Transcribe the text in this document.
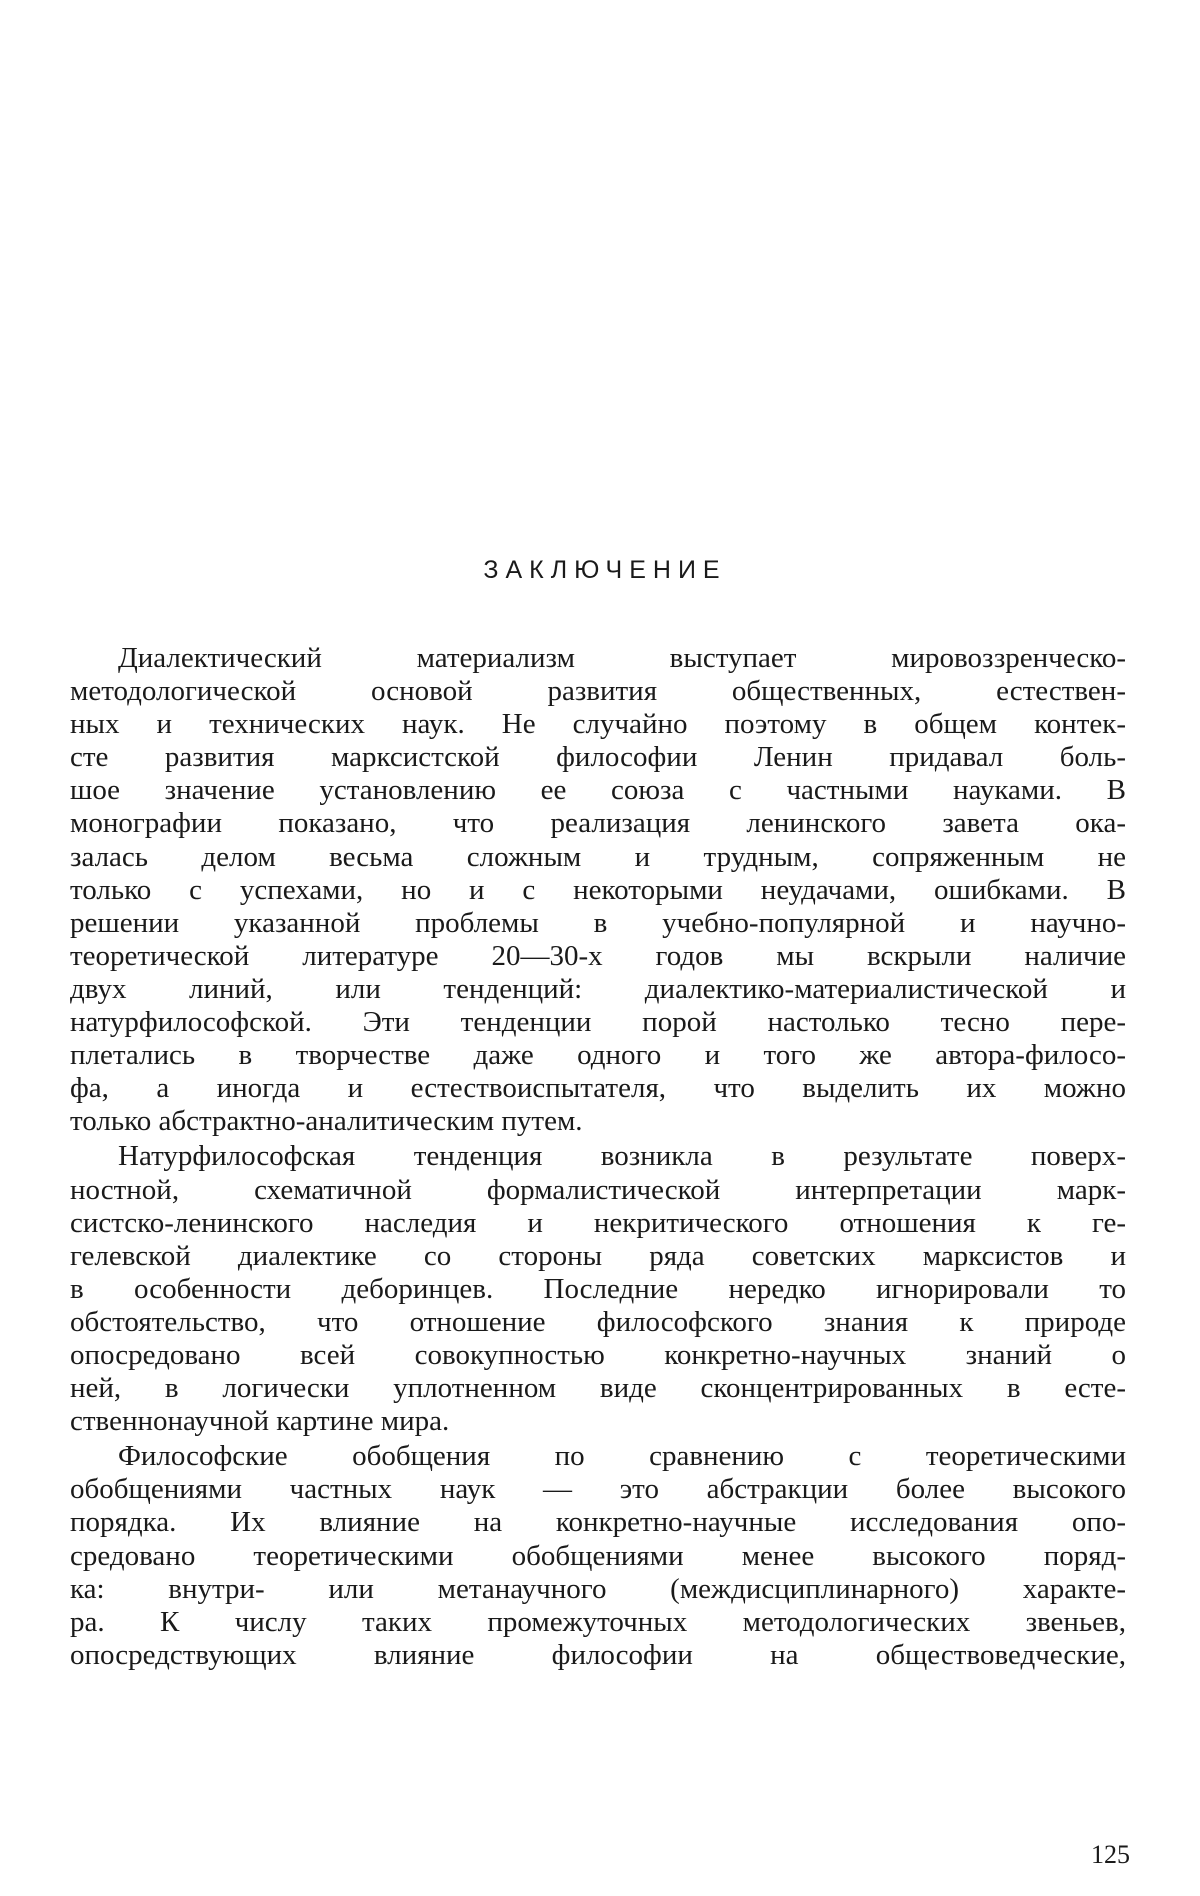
ЗАКЛЮЧЕНИЕ
Диалектический материализм выступает мировоззренческо-
методологической основой развития общественных, естествен-
ных и технических наук. Не случайно поэтому в общем контек-
сте развития марксистской философии Ленин придавал боль-
шое значение установлению ее союза с частными науками. В
монографии показано, что реализация ленинского завета ока-
залась делом весьма сложным и трудным, сопряженным не
только с успехами, но и с некоторыми неудачами, ошибками. В
решении указанной проблемы в учебно-популярной и научно-
теоретической литературе 20—30-х годов мы вскрыли наличие
двух линий, или тенденций: диалектико-материалистической и
натурфилософской. Эти тенденции порой настолько тесно пере-
плетались в творчестве даже одного и того же автора-филосо-
фа, а иногда и естествоиспытателя, что выделить их можно
только абстрактно-аналитическим путем.
Натурфилософская тенденция возникла в результате поверх-
ностной, схематичной формалистической интерпретации марк-
систско-ленинского наследия и некритического отношения к ге-
гелевской диалектике со стороны ряда советских марксистов и
в особенности деборинцев. Последние нередко игнорировали то
обстоятельство, что отношение философского знания к природе
опосредовано всей совокупностью конкретно-научных знаний о
ней, в логически уплотненном виде сконцентрированных в есте-
ственнонаучной картине мира.
Философские обобщения по сравнению с теоретическими
обобщениями частных наук — это абстракции более высокого
порядка. Их влияние на конкретно-научные исследования опо-
средовано теоретическими обобщениями менее высокого поряд-
ка: внутри- или метанаучного (междисциплинарного) характе-
ра. К числу таких промежуточных методологических звеньев,
опосредствующих влияние философии на обществоведческие,
125
